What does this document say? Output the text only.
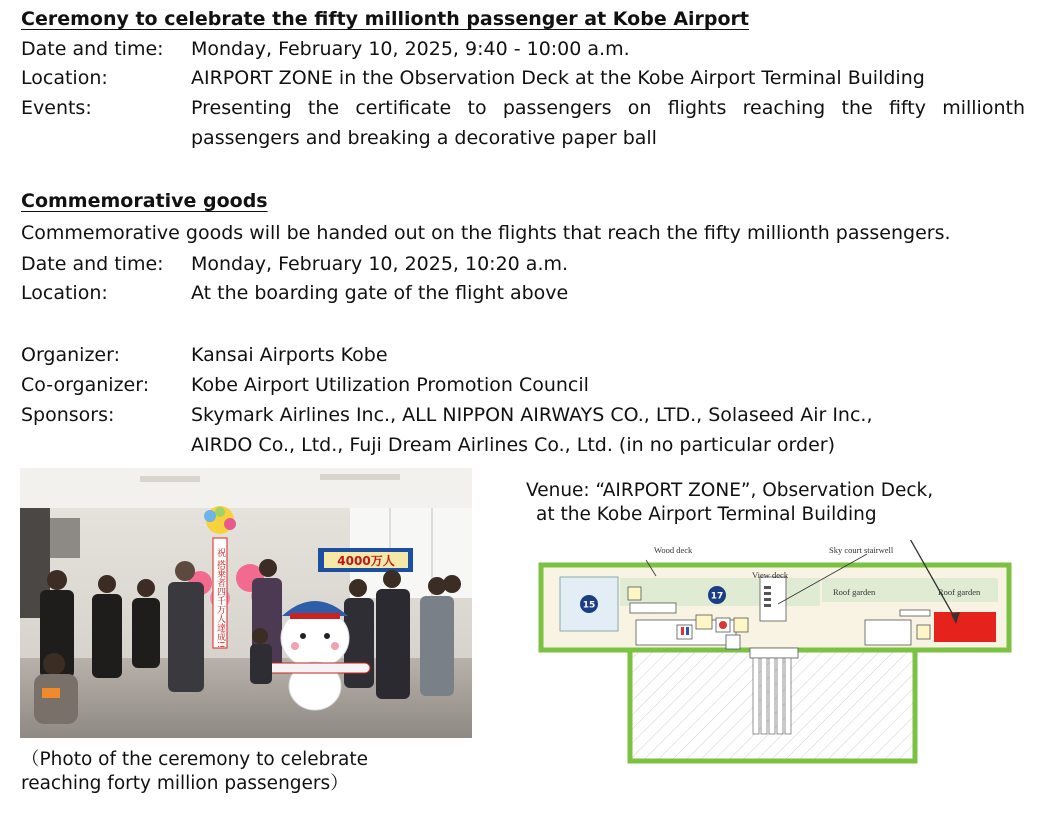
Ceremony to celebrate the fifty millionth passenger at Kobe Airport
Date and time: Monday, February 10, 2025, 9:40 - 10:00 a.m.
Location:	AIRPORT ZONE in the Observation Deck at the Kobe Airport Terminal Building
Events:	Presenting the certificate to passengers on flights reaching the fifty millionth
passengers and breaking a decorative paper ball
Commemorative goods
Commemorative goods will be handed out on the flights that reach the fifty millionth passengers.
Date and time: Monday, February 10, 2025, 10:20 a.m.
Location:	At the boarding gate of the flight above
Organizer:	Kansai Airports Kobe
Co-organizer: Kobe Airport Utilization Promotion Council
Sponsors:	Skymark Airlines Inc., ALL NIPPON AIRWAYS CO., LTD., Solaseed Air Inc.,
AIRDO Co., Ltd., Fuji Dream Airlines Co., Ltd. (in no particular order)
祝 搭乗者四千万人達成!!	4000万人
（Photo of the ceremony to celebrate
reaching forty million passengers）
Venue: “AIRPORT ZONE”, Observation Deck,
at the Kobe Airport Terminal Building
15
17
Wood deck	Sky court stairwell
View deck
Roof garden	Roof garden
